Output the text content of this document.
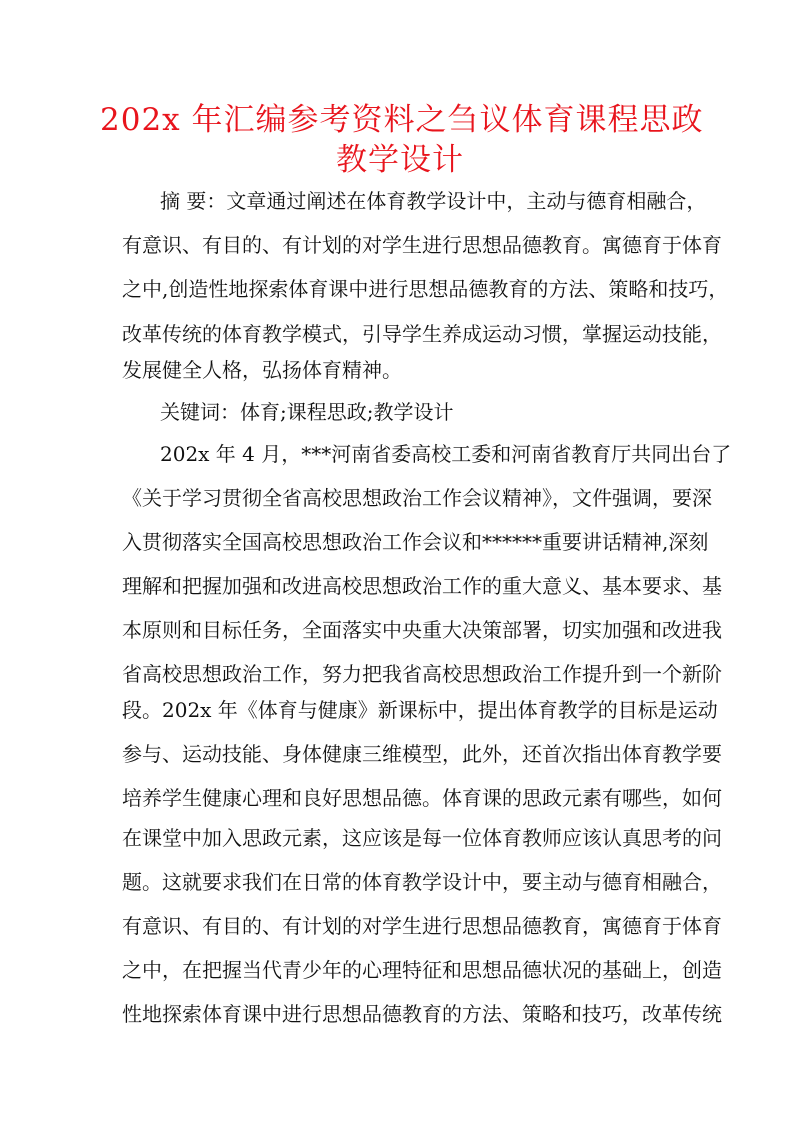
202x 年汇编参考资料之刍议体育课程思政
教学设计
摘 要：文章通过阐述在体育教学设计中，主动与德育相融合，
有意识、有目的、有计划的对学生进行思想品德教育。寓德育于体育
之中,创造性地探索体育课中进行思想品德教育的方法、策略和技巧，
改革传统的体育教学模式，引导学生养成运动习惯，掌握运动技能，
发展健全人格，弘扬体育精神。
关键词：体育;课程思政;教学设计
202x 年 4 月，***河南省委高校工委和河南省教育厅共同出台了
《关于学习贯彻全省高校思想政治工作会议精神》，文件强调，要深
入贯彻落实全国高校思想政治工作会议和******重要讲话精神,深刻
理解和把握加强和改进高校思想政治工作的重大意义、基本要求、基
本原则和目标任务，全面落实中央重大决策部署，切实加强和改进我
省高校思想政治工作，努力把我省高校思想政治工作提升到一个新阶
段。202x 年《体育与健康》新课标中，提出体育教学的目标是运动
参与、运动技能、身体健康三维模型，此外，还首次指出体育教学要
培养学生健康心理和良好思想品德。体育课的思政元素有哪些，如何
在课堂中加入思政元素，这应该是每一位体育教师应该认真思考的问
题。这就要求我们在日常的体育教学设计中，要主动与德育相融合，
有意识、有目的、有计划的对学生进行思想品德教育，寓德育于体育
之中，在把握当代青少年的心理特征和思想品德状况的基础上，创造
性地探索体育课中进行思想品德教育的方法、策略和技巧，改革传统
